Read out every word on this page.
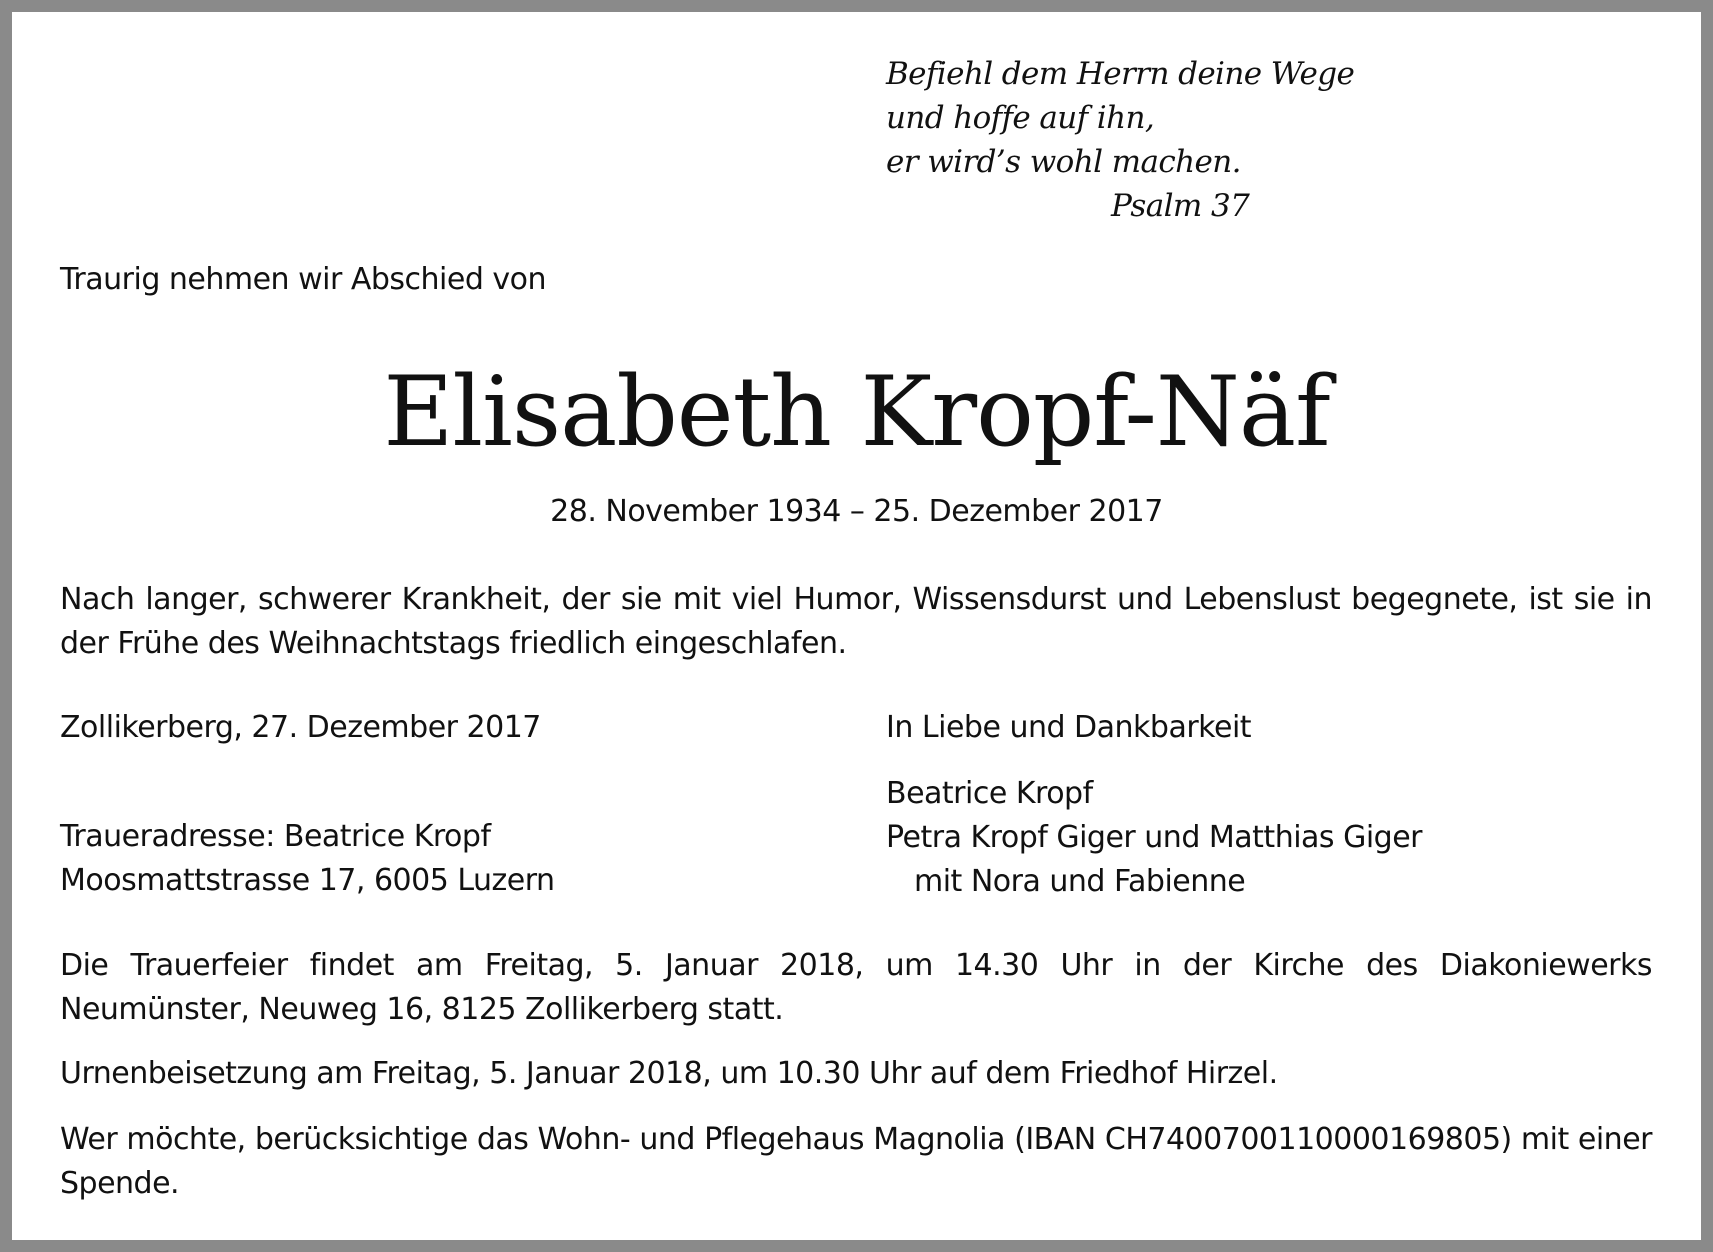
Befiehl dem Herrn deine Wege
und hoffe auf ihn,
er wird’s wohl machen.
Psalm 37
Traurig nehmen wir Abschied von
Elisabeth Kropf-Näf
28. November 1934 – 25. Dezember 2017
Nach langer, schwerer Krankheit, der sie mit viel Humor, Wissensdurst und Lebenslust begegnete, ist sie in der Frühe des Weihnachtstags friedlich eingeschlafen.
Zollikerberg, 27. Dezember 2017	In Liebe und Dankbarkeit
Traueradresse: Beatrice Kropf
Moosmattstrasse 17, 6005 Luzern
Beatrice Kropf
Petra Kropf Giger und Matthias Giger
mit Nora und Fabienne
Die Trauerfeier findet am Freitag, 5. Januar 2018, um 14.30 Uhr in der Kirche des Diakoniewerks Neumünster, Neuweg 16, 8125 Zollikerberg statt.
Urnenbeisetzung am Freitag, 5. Januar 2018, um 10.30 Uhr auf dem Friedhof Hirzel.
Wer möchte, berücksichtige das Wohn- und Pflegehaus Magnolia (IBAN CH7400700110000169805) mit einer Spende.
